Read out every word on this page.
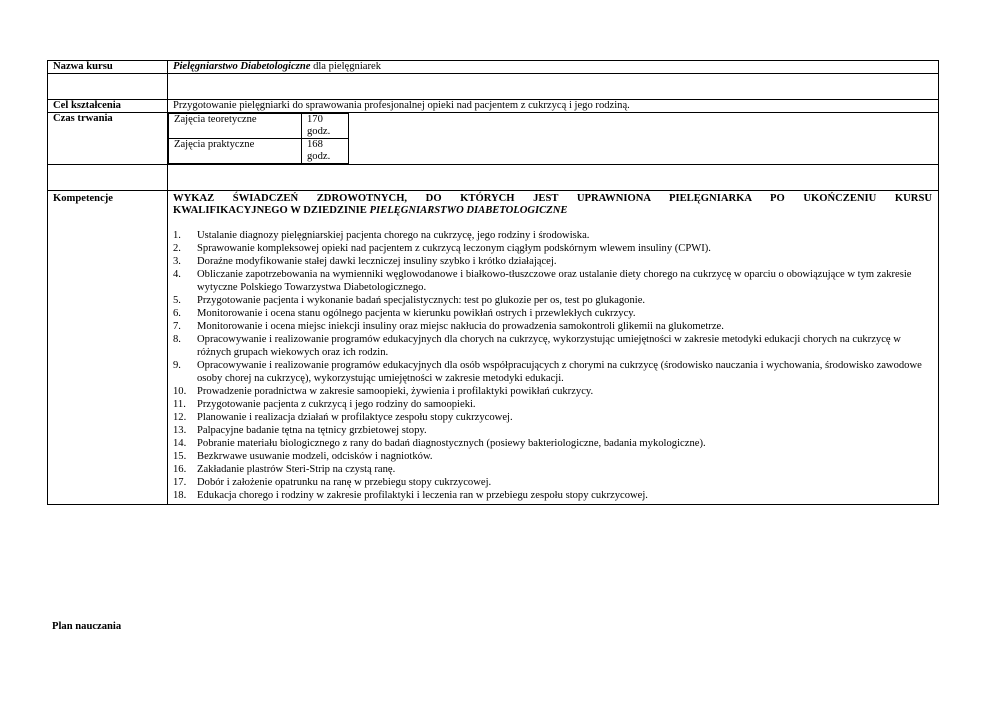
Nazwa kursu	Pielęgniarstwo Diabetologiczne dla pielęgniarek

Cel kształcenia	Przygotowanie pielęgniarki do sprawowania profesjonalnej opieki nad pacjentem z cukrzycą i jego rodziną.
Czas trwania		Zajęcia teoretyczne	170 godz.
Zajęcia praktyczne	168 godz.

Kompetencje	WYKAZ ŚWIADCZEŃ ZDROWOTNYCH, DO KTÓRYCH JEST UPRAWNIONA PIELĘGNIARKA PO UKOŃCZENIU KURSU
KWALIFIKACYJNEGO W DZIEDZINIE PIELĘGNIARSTWO DIABETOLOGICZNE
1.	Ustalanie diagnozy pielęgniarskiej pacjenta chorego na cukrzycę, jego rodziny i środowiska.
2.	Sprawowanie kompleksowej opieki nad pacjentem z cukrzycą leczonym ciągłym podskórnym wlewem insuliny (CPWI).
3.	Doraźne modyfikowanie stałej dawki leczniczej insuliny szybko i krótko działającej.
4.	Obliczanie zapotrzebowania na wymienniki węglowodanowe i białkowo-tłuszczowe oraz ustalanie diety chorego na cukrzycę w oparciu o obowiązujące w tym zakresie wytyczne Polskiego Towarzystwa Diabetologicznego.
5.	Przygotowanie pacjenta i wykonanie badań specjalistycznych: test po glukozie per os, test po glukagonie.
6.	Monitorowanie i ocena stanu ogólnego pacjenta w kierunku powikłań ostrych i przewlekłych cukrzycy.
7.	Monitorowanie i ocena miejsc iniekcji insuliny oraz miejsc nakłucia do prowadzenia samokontroli glikemii na glukometrze.
8.	Opracowywanie i realizowanie programów edukacyjnych dla chorych na cukrzycę, wykorzystując umiejętności w zakresie metodyki edukacji chorych na cukrzycę w różnych grupach wiekowych oraz ich rodzin.
9.	Opracowywanie i realizowanie programów edukacyjnych dla osób współpracujących z chorymi na cukrzycę (środowisko nauczania i wychowania, środowisko zawodowe osoby chorej na cukrzycę), wykorzystując umiejętności w zakresie metodyki edukacji.
10.	Prowadzenie poradnictwa w zakresie samoopieki, żywienia i profilaktyki powikłań cukrzycy.
11.	Przygotowanie pacjenta z cukrzycą i jego rodziny do samoopieki.
12.	Planowanie i realizacja działań w profilaktyce zespołu stopy cukrzycowej.
13.	Palpacyjne badanie tętna na tętnicy grzbietowej stopy.
14.	Pobranie materiału biologicznego z rany do badań diagnostycznych (posiewy bakteriologiczne, badania mykologiczne).
15.	Bezkrwawe usuwanie modzeli, odcisków i nagniotków.
16.	Zakładanie plastrów Steri-Strip na czystą ranę.
17.	Dobór i założenie opatrunku na ranę w przebiegu stopy cukrzycowej.
18.	Edukacja chorego i rodziny w zakresie profilaktyki i leczenia ran w przebiegu zespołu stopy cukrzycowej.
Plan nauczania
